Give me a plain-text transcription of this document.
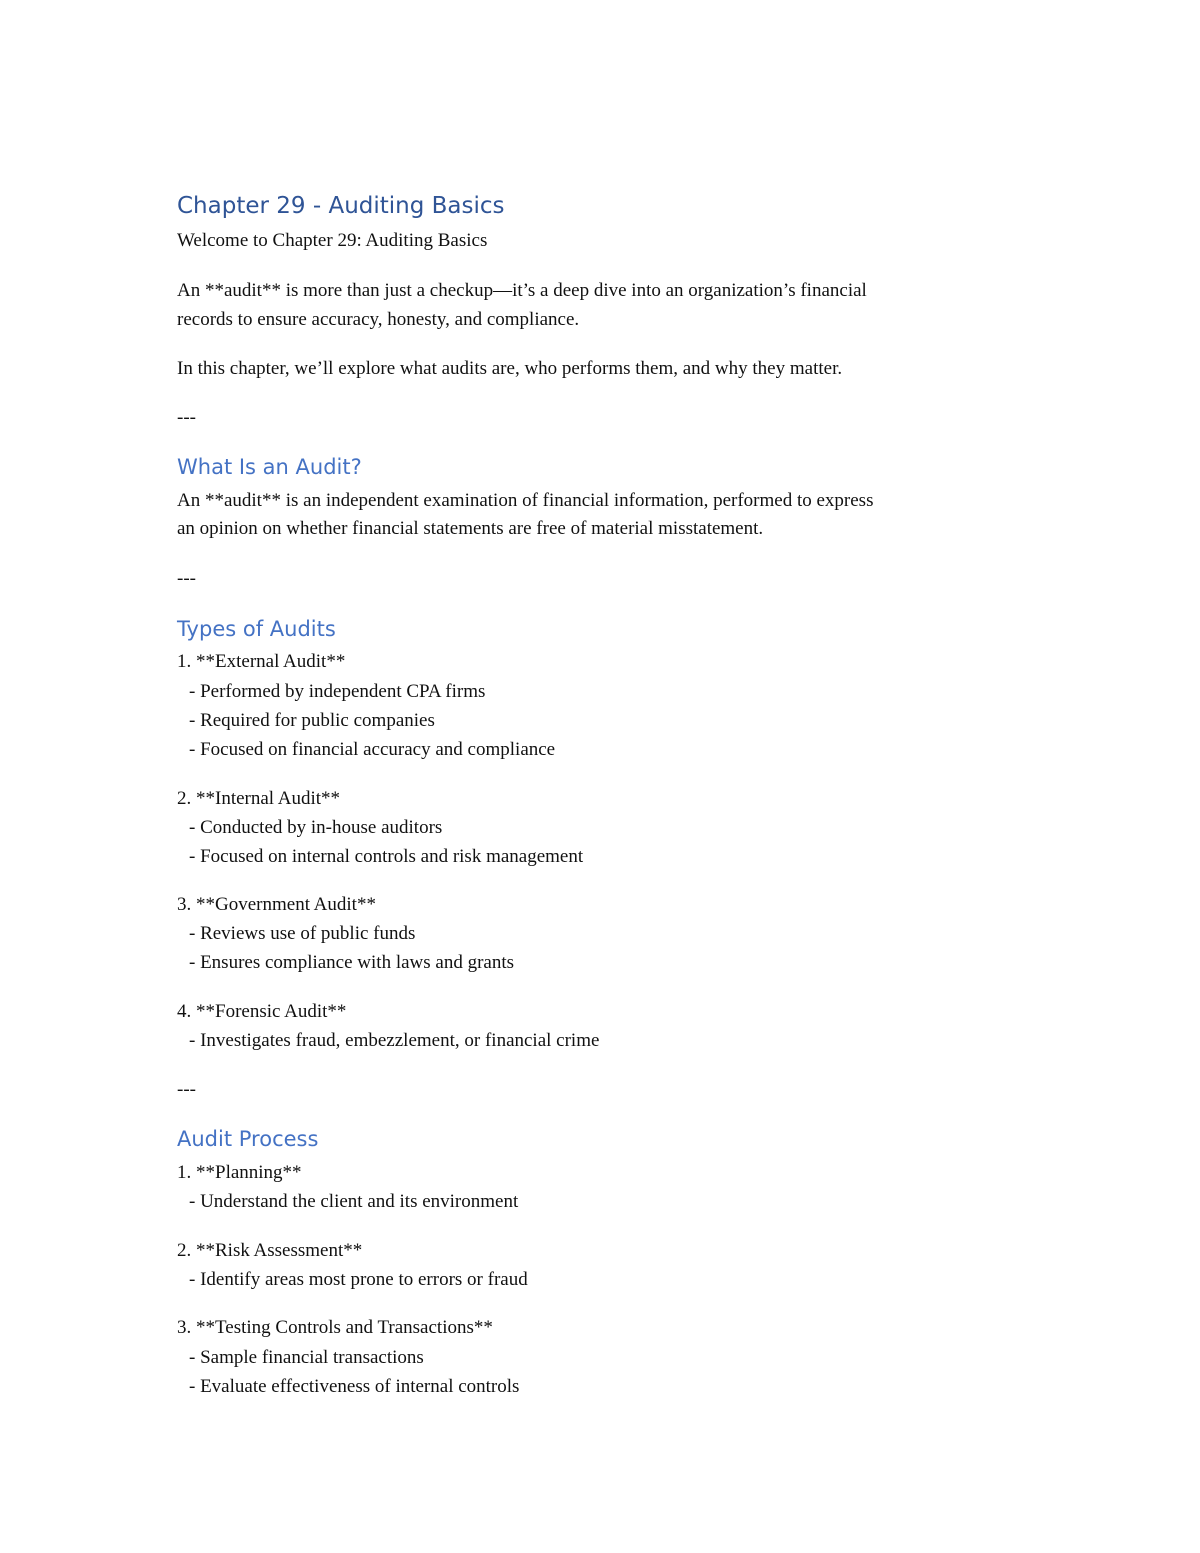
Chapter 29 - Auditing Basics
Welcome to Chapter 29: Auditing Basics
An **audit** is more than just a checkup—it’s a deep dive into an organization’s financial
records to ensure accuracy, honesty, and compliance.
In this chapter, we’ll explore what audits are, who performs them, and why they matter.
---
What Is an Audit?
An **audit** is an independent examination of financial information, performed to express
an opinion on whether financial statements are free of material misstatement.
---
Types of Audits
1. **External Audit**
- Performed by independent CPA firms
- Required for public companies
- Focused on financial accuracy and compliance
2. **Internal Audit**
- Conducted by in-house auditors
- Focused on internal controls and risk management
3. **Government Audit**
- Reviews use of public funds
- Ensures compliance with laws and grants
4. **Forensic Audit**
- Investigates fraud, embezzlement, or financial crime
---
Audit Process
1. **Planning**
- Understand the client and its environment
2. **Risk Assessment**
- Identify areas most prone to errors or fraud
3. **Testing Controls and Transactions**
- Sample financial transactions
- Evaluate effectiveness of internal controls
